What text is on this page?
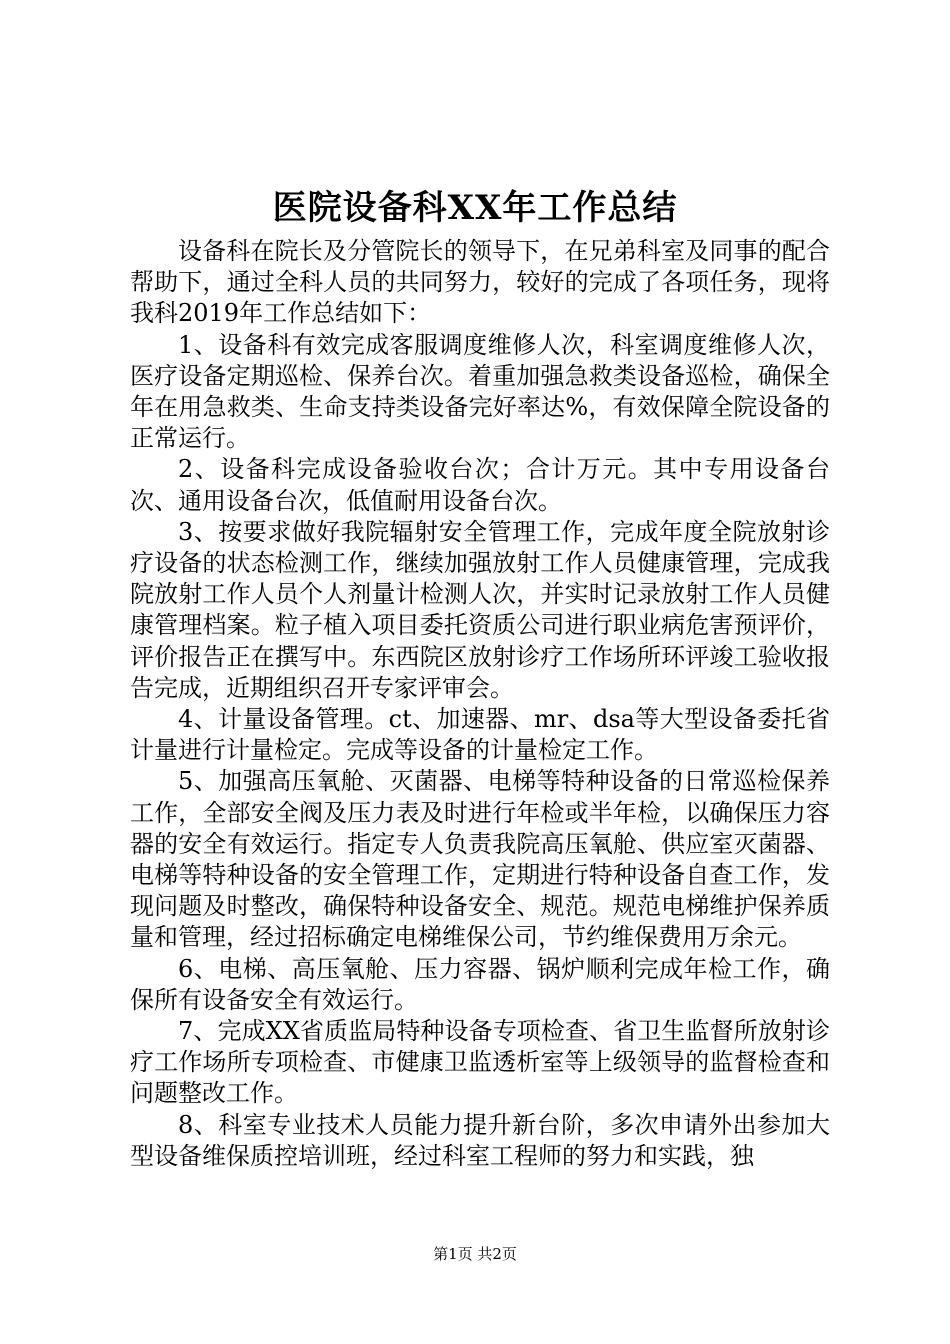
医院设备科XX年工作总结

设备科在院长及分管院长的领导下，在兄弟科室及同事的配合帮助下，通过全科人员的共同努力，较好的完成了各项任务，现将我科2019年工作总结如下：

1、设备科有效完成客服调度维修人次，科室调度维修人次，医疗设备定期巡检、保养台次。着重加强急救类设备巡检，确保全年在用急救类、生命支持类设备完好率达%，有效保障全院设备的正常运行。

2、设备科完成设备验收台次；合计万元。其中专用设备台次、通用设备台次，低值耐用设备台次。

3、按要求做好我院辐射安全管理工作，完成年度全院放射诊疗设备的状态检测工作，继续加强放射工作人员健康管理，完成我院放射工作人员个人剂量计检测人次，并实时记录放射工作人员健康管理档案。粒子植入项目委托资质公司进行职业病危害预评价，评价报告正在撰写中。东西院区放射诊疗工作场所环评竣工验收报告完成，近期组织召开专家评审会。

4、计量设备管理。ct、加速器、mr、dsa等大型设备委托省计量进行计量检定。完成等设备的计量检定工作。

5、加强高压氧舱、灭菌器、电梯等特种设备的日常巡检保养工作，全部安全阀及压力表及时进行年检或半年检，以确保压力容器的安全有效运行。指定专人负责我院高压氧舱、供应室灭菌器、电梯等特种设备的安全管理工作，定期进行特种设备自查工作，发现问题及时整改，确保特种设备安全、规范。规范电梯维护保养质量和管理，经过招标确定电梯维保公司，节约维保费用万余元。

6、电梯、高压氧舱、压力容器、锅炉顺利完成年检工作，确保所有设备安全有效运行。

7、完成XX省质监局特种设备专项检查、省卫生监督所放射诊疗工作场所专项检查、市健康卫监透析室等上级领导的监督检查和问题整改工作。

8、科室专业技术人员能力提升新台阶，多次申请外出参加大型设备维保质控培训班，经过科室工程师的努力和实践，独

第1页 共2页
